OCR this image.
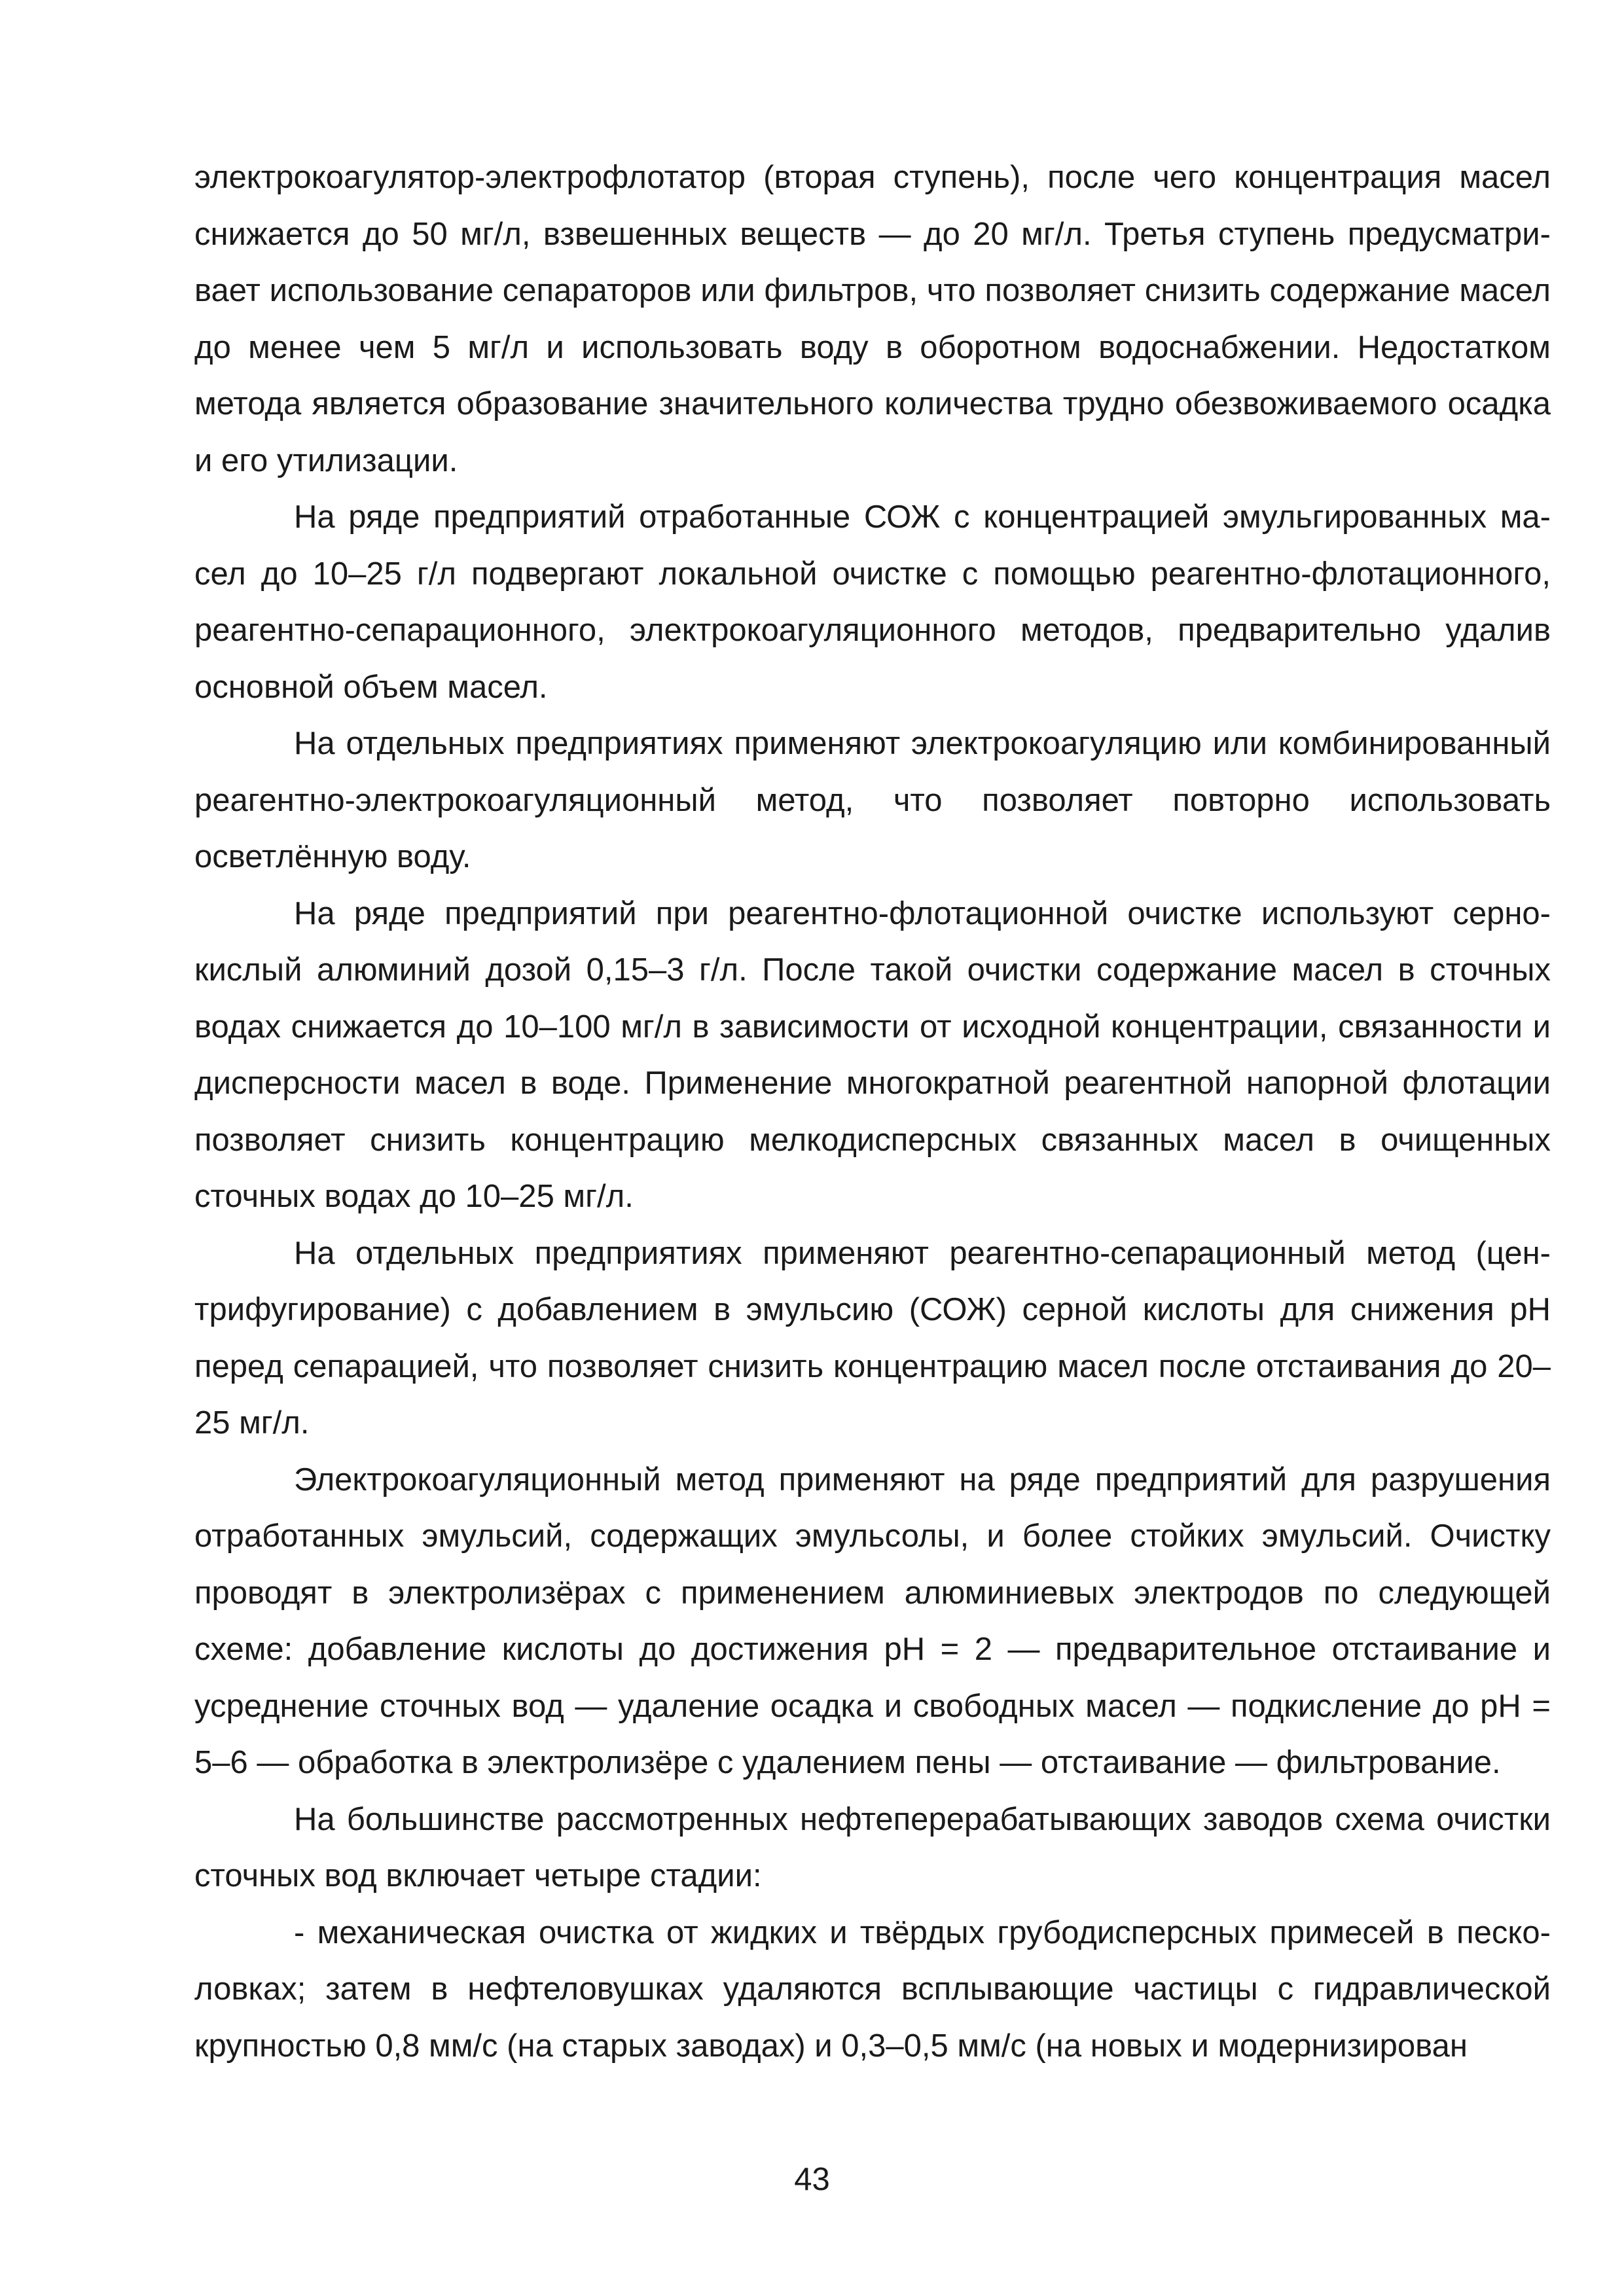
электрокоагулятор-электрофлотатор (вторая ступень), после чего концентрация масел снижается до 50 мг/л, взвешенных веществ — до 20 мг/л. Третья ступень предусматривает использование сепараторов или фильтров, что позволяет снизить содержание масел до менее чем 5 мг/л и использовать воду в оборотном водоснабжении. Недостатком метода является образование значительного количества трудно обезвоживаемого осадка и его утилизации.

На ряде предприятий отработанные СОЖ с концентрацией эмульгированных масел до 10–25 г/л подвергают локальной очистке с помощью реагентно-флотационного, реагентно-сепарационного, электрокоагуляционного методов, предварительно удалив основной объем масел.

На отдельных предприятиях применяют электрокоагуляцию или комбинированный реагентно-электрокоагуляционный метод, что позволяет повторно использовать осветлённую воду.

На ряде предприятий при реагентно-флотационной очистке используют сернокислый алюминий дозой 0,15–3 г/л. После такой очистки содержание масел в сточных водах снижается до 10–100 мг/л в зависимости от исходной концентрации, связанности и дисперсности масел в воде. Применение многократной реагентной напорной флотации позволяет снизить концентрацию мелкодисперсных связанных масел в очищенных сточных водах до 10–25 мг/л.

На отдельных предприятиях применяют реагентно-сепарационный метод (центрифугирование) с добавлением в эмульсию (СОЖ) серной кислоты для снижения pH перед сепарацией, что позволяет снизить концентрацию масел после отстаивания до 20–25 мг/л.

Электрокоагуляционный метод применяют на ряде предприятий для разрушения отработанных эмульсий, содержащих эмульсолы, и более стойких эмульсий. Очистку проводят в электролизёрах с применением алюминиевых электродов по следующей схеме: добавление кислоты до достижения pH = 2 — предварительное отстаивание и усреднение сточных вод — удаление осадка и свободных масел — подкисление до pH = 5–6 — обработка в электролизёре с удалением пены — отстаивание — фильтрование.

На большинстве рассмотренных нефтеперерабатывающих заводов схема очистки сточных вод включает четыре стадии:

- механическая очистка от жидких и твёрдых грубодисперсных примесей в песколовках; затем в нефтеловушках удаляются всплывающие частицы с гидравлической крупностью 0,8 мм/с (на старых заводах) и 0,3–0,5 мм/с (на новых и модернизирован

43
